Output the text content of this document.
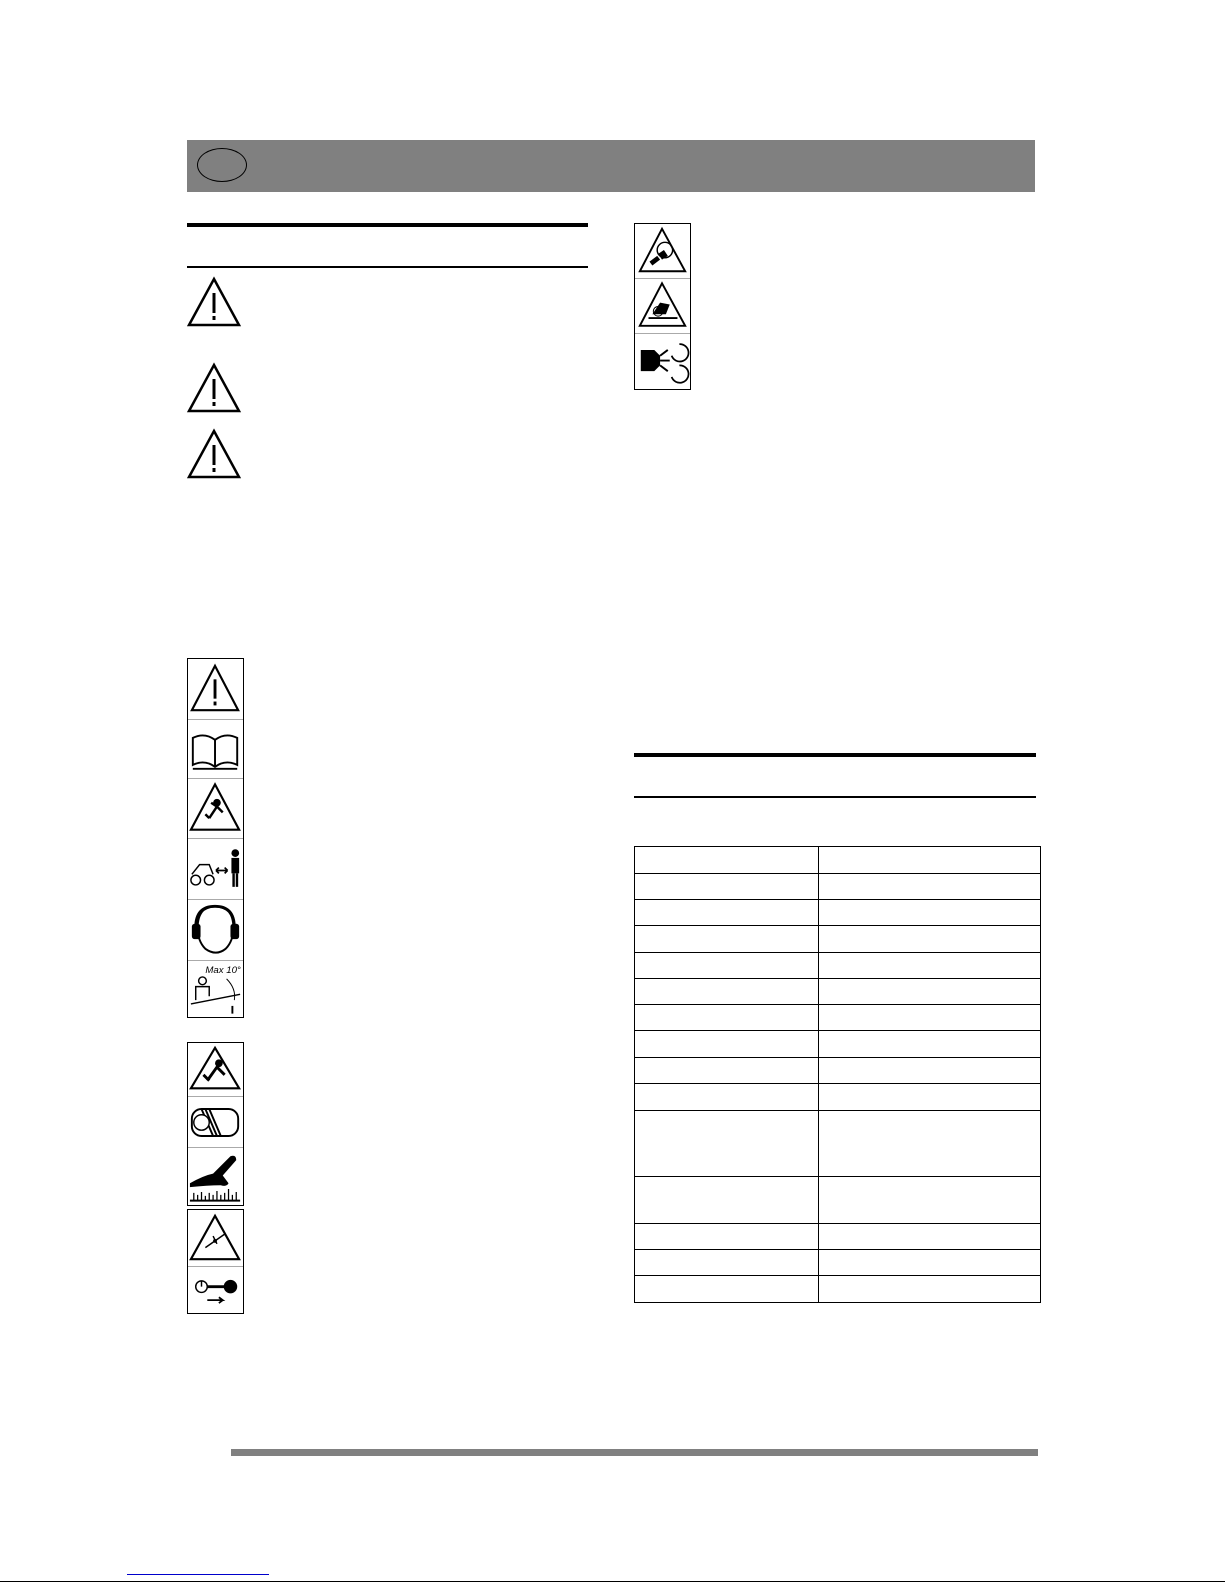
Max 10°
